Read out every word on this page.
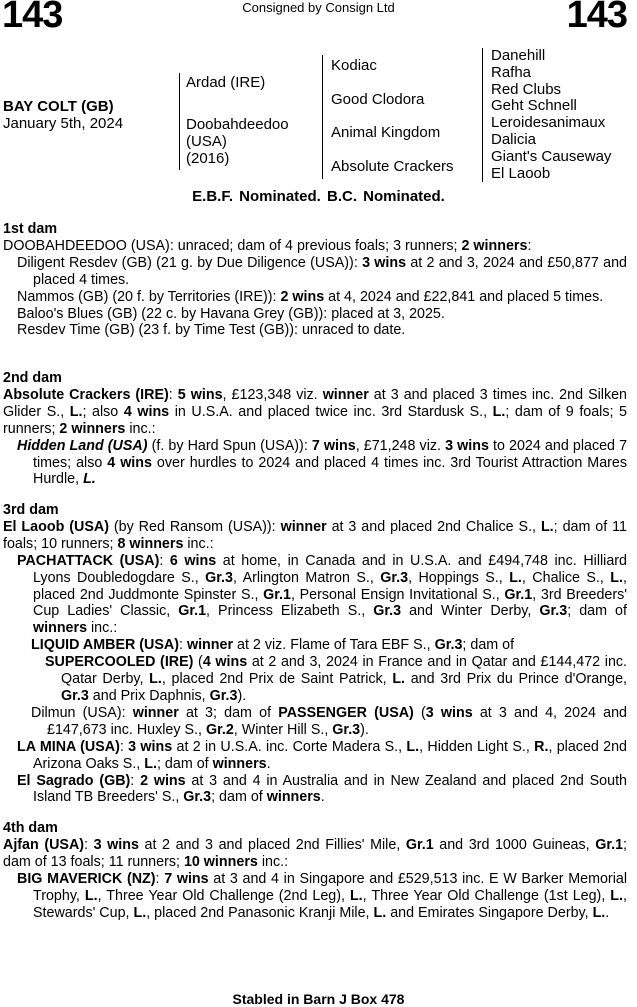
143	Consigned by Consign Ltd	143
BAY COLT (GB)
January 5th, 2024
Ardad (IRE)
Doobahdeedoo
(USA)
(2016)
Kodiac
Good Clodora
Animal Kingdom
Absolute Crackers
Danehill
Rafha
Red Clubs
Geht Schnell
Leroidesanimaux
Dalicia
Giant's Causeway
El Laoob
E.B.F. Nominated. B.C. Nominated.
1st dam
DOOBAHDEEDOO (USA): unraced; dam of 4 previous foals; 3 runners; 2 winners:
Diligent Resdev (GB) (21 g. by Due Diligence (USA)): 3 wins at 2 and 3, 2024 and £50,877 and placed 4 times.
Nammos (GB) (20 f. by Territories (IRE)): 2 wins at 4, 2024 and £22,841 and placed 5 times.
Baloo's Blues (GB) (22 c. by Havana Grey (GB)): placed at 3, 2025.
Resdev Time (GB) (23 f. by Time Test (GB)): unraced to date.
2nd dam
Absolute Crackers (IRE): 5 wins, £123,348 viz. winner at 3 and placed 3 times inc. 2nd Silken Glider S., L.; also 4 wins in U.S.A. and placed twice inc. 3rd Stardusk S., L.; dam of 9 foals; 5 runners; 2 winners inc.:
Hidden Land (USA) (f. by Hard Spun (USA)): 7 wins, £71,248 viz. 3 wins to 2024 and placed 7 times; also 4 wins over hurdles to 2024 and placed 4 times inc. 3rd Tourist Attraction Mares Hurdle, L.
3rd dam
El Laoob (USA) (by Red Ransom (USA)): winner at 3 and placed 2nd Chalice S., L.; dam of 11 foals; 10 runners; 8 winners inc.:
PACHATTACK (USA): 6 wins at home, in Canada and in U.S.A. and £494,748 inc. Hilliard Lyons Doubledogdare S., Gr.3, Arlington Matron S., Gr.3, Hoppings S., L., Chalice S., L., placed 2nd Juddmonte Spinster S., Gr.1, Personal Ensign Invitational S., Gr.1, 3rd Breeders' Cup Ladies' Classic, Gr.1, Princess Elizabeth S., Gr.3 and Winter Derby, Gr.3; dam of winners inc.:
LIQUID AMBER (USA): winner at 2 viz. Flame of Tara EBF S., Gr.3; dam of
SUPERCOOLED (IRE) (4 wins at 2 and 3, 2024 in France and in Qatar and £144,472 inc. Qatar Derby, L., placed 2nd Prix de Saint Patrick, L. and 3rd Prix du Prince d'Orange, Gr.3 and Prix Daphnis, Gr.3).
Dilmun (USA): winner at 3; dam of PASSENGER (USA) (3 wins at 3 and 4, 2024 and £147,673 inc. Huxley S., Gr.2, Winter Hill S., Gr.3).
LA MINA (USA): 3 wins at 2 in U.S.A. inc. Corte Madera S., L., Hidden Light S., R., placed 2nd Arizona Oaks S., L.; dam of winners.
El Sagrado (GB): 2 wins at 3 and 4 in Australia and in New Zealand and placed 2nd South Island TB Breeders' S., Gr.3; dam of winners.
4th dam
Ajfan (USA): 3 wins at 2 and 3 and placed 2nd Fillies' Mile, Gr.1 and 3rd 1000 Guineas, Gr.1; dam of 13 foals; 11 runners; 10 winners inc.:
BIG MAVERICK (NZ): 7 wins at 3 and 4 in Singapore and £529,513 inc. E W Barker Memorial Trophy, L., Three Year Old Challenge (2nd Leg), L., Three Year Old Challenge (1st Leg), L., Stewards' Cup, L., placed 2nd Panasonic Kranji Mile, L. and Emirates Singapore Derby, L..
Stabled in Barn J Box 478
